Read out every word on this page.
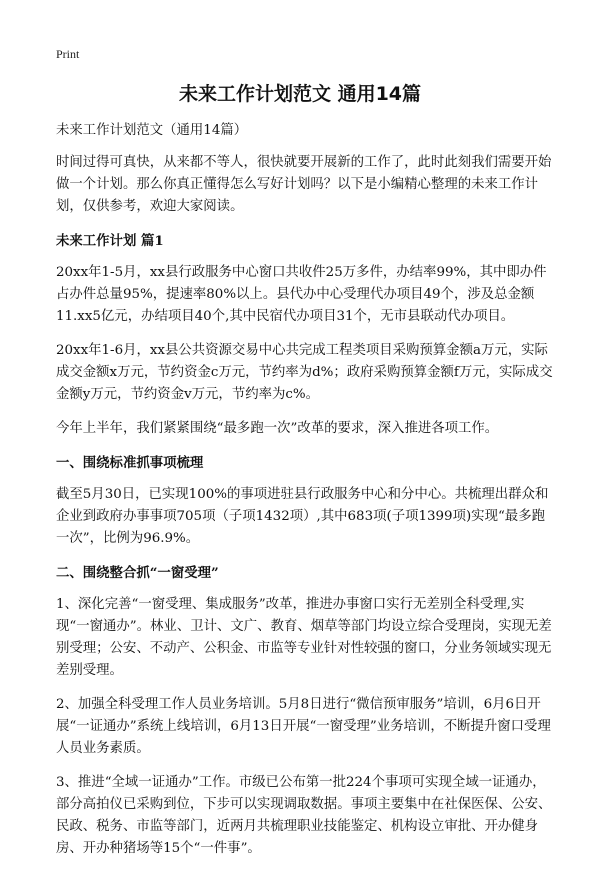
Print
未来工作计划范文 通用14篇

未来工作计划范文（通用14篇）

时间过得可真快，从来都不等人，很快就要开展新的工作了，此时此刻我们需要开始做一个计划。那么你真正懂得怎么写好计划吗？以下是小编精心整理的未来工作计划，仅供参考，欢迎大家阅读。

未来工作计划 篇1

20xx年1-5月，xx县行政服务中心窗口共收件25万多件，办结率99%，其中即办件占办件总量95%，提速率80%以上。县代办中心受理代办项目49个，涉及总金额11.xx5亿元，办结项目40个,其中民宿代办项目31个，无市县联动代办项目。

20xx年1-6月，xx县公共资源交易中心共完成工程类项目采购预算金额a万元，实际成交金额x万元，节约资金c万元，节约率为d%；政府采购预算金额f万元，实际成交金额y万元，节约资金v万元，节约率为c%。

今年上半年，我们紧紧围绕“最多跑一次”改革的要求，深入推进各项工作。

一、围绕标准抓事项梳理

截至5月30日，已实现100%的事项进驻县行政服务中心和分中心。共梳理出群众和企业到政府办事事项705项（子项1432项）,其中683项(子项1399项)实现“最多跑一次”，比例为96.9%。

二、围绕整合抓“一窗受理”

1、深化完善“一窗受理、集成服务”改革，推进办事窗口实行无差别全科受理,实现“一窗通办”。林业、卫计、文广、教育、烟草等部门均设立综合受理岗，实现无差别受理；公安、不动产、公积金、市监等专业针对性较强的窗口，分业务领域实现无差别受理。

2、加强全科受理工作人员业务培训。5月8日进行“微信预审服务”培训，6月6日开展“一证通办”系统上线培训，6月13日开展“一窗受理”业务培训，不断提升窗口受理人员业务素质。

3、推进“全域一证通办”工作。市级已公布第一批224个事项可实现全域一证通办，部分高拍仪已采购到位，下步可以实现调取数据。事项主要集中在社保医保、公安、民政、税务、市监等部门，近两月共梳理职业技能鉴定、机构设立审批、开办健身房、开办种猪场等15个“一件事”。
